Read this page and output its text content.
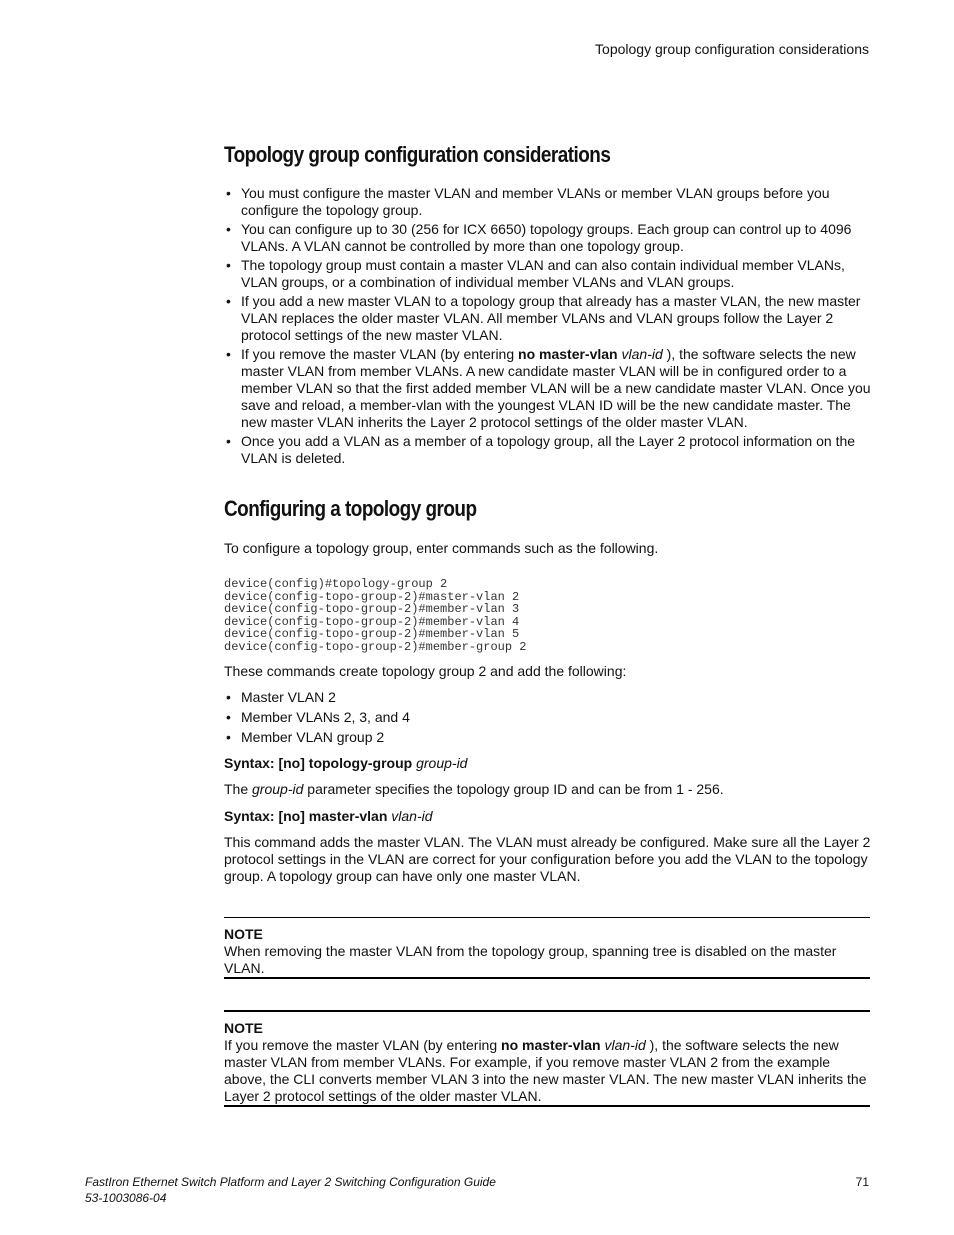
Topology group configuration considerations
Topology group configuration considerations
• You must configure the master VLAN and member VLANs or member VLAN groups before you configure the topology group.
• You can configure up to 30 (256 for ICX 6650) topology groups. Each group can control up to 4096 VLANs. A VLAN cannot be controlled by more than one topology group.
• The topology group must contain a master VLAN and can also contain individual member VLANs, VLAN groups, or a combination of individual member VLANs and VLAN groups.
• If you add a new master VLAN to a topology group that already has a master VLAN, the new master VLAN replaces the older master VLAN. All member VLANs and VLAN groups follow the Layer 2 protocol settings of the new master VLAN.
• If you remove the master VLAN (by entering no master-vlan vlan-id ), the software selects the new master VLAN from member VLANs. A new candidate master VLAN will be in configured order to a member VLAN so that the first added member VLAN will be a new candidate master VLAN. Once you save and reload, a member-vlan with the youngest VLAN ID will be the new candidate master. The new master VLAN inherits the Layer 2 protocol settings of the older master VLAN.
• Once you add a VLAN as a member of a topology group, all the Layer 2 protocol information on the VLAN is deleted.
Configuring a topology group
To configure a topology group, enter commands such as the following.
device(config)#topology-group 2
device(config-topo-group-2)#master-vlan 2
device(config-topo-group-2)#member-vlan 3
device(config-topo-group-2)#member-vlan 4
device(config-topo-group-2)#member-vlan 5
device(config-topo-group-2)#member-group 2
These commands create topology group 2 and add the following:
• Master VLAN 2
• Member VLANs 2, 3, and 4
• Member VLAN group 2
Syntax: [no] topology-group group-id
The group-id parameter specifies the topology group ID and can be from 1 - 256.
Syntax: [no] master-vlan vlan-id
This command adds the master VLAN. The VLAN must already be configured. Make sure all the Layer 2 protocol settings in the VLAN are correct for your configuration before you add the VLAN to the topology group. A topology group can have only one master VLAN.
NOTE
When removing the master VLAN from the topology group, spanning tree is disabled on the master VLAN.
NOTE
If you remove the master VLAN (by entering no master-vlan vlan-id ), the software selects the new master VLAN from member VLANs. For example, if you remove master VLAN 2 from the example above, the CLI converts member VLAN 3 into the new master VLAN. The new master VLAN inherits the Layer 2 protocol settings of the older master VLAN.
FastIron Ethernet Switch Platform and Layer 2 Switching Configuration Guide
53-1003086-04
71
